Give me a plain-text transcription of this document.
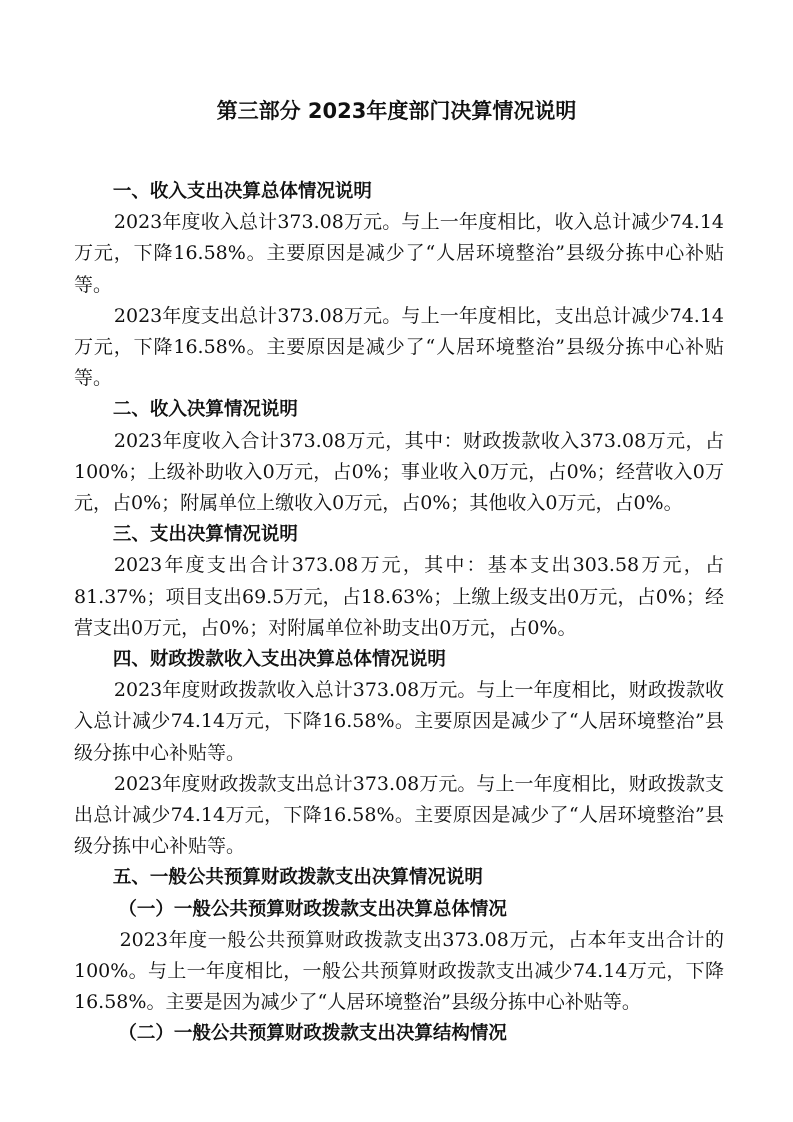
第三部分 2023年度部门决算情况说明
一、收入支出决算总体情况说明

2023年度收入总计373.08万元。与上一年度相比，收入总计减少74.14万元，下降16.58%。主要原因是减少了“人居环境整治”县级分拣中心补贴等。

2023年度支出总计373.08万元。与上一年度相比，支出总计减少74.14万元，下降16.58%。主要原因是减少了“人居环境整治”县级分拣中心补贴等。

二、收入决算情况说明

2023年度收入合计373.08万元，其中：财政拨款收入373.08万元，占100%；上级补助收入0万元，占0%；事业收入0万元，占0%；经营收入0万元，占0%；附属单位上缴收入0万元，占0%；其他收入0万元，占0%。

三、支出决算情况说明

2023年度支出合计373.08万元，其中：基本支出303.58万元，占81.37%；项目支出69.5万元，占18.63%；上缴上级支出0万元，占0%；经营支出0万元，占0%；对附属单位补助支出0万元，占0%。

四、财政拨款收入支出决算总体情况说明

2023年度财政拨款收入总计373.08万元。与上一年度相比，财政拨款收入总计减少74.14万元，下降16.58%。主要原因是减少了“人居环境整治”县级分拣中心补贴等。

2023年度财政拨款支出总计373.08万元。与上一年度相比，财政拨款支出总计减少74.14万元，下降16.58%。主要原因是减少了“人居环境整治”县级分拣中心补贴等。

五、一般公共预算财政拨款支出决算情况说明
（一）一般公共预算财政拨款支出决算总体情况

2023年度一般公共预算财政拨款支出373.08万元，占本年支出合计的100%。与上一年度相比，一般公共预算财政拨款支出减少74.14万元，下降16.58%。主要是因为减少了“人居环境整治”县级分拣中心补贴等。

（二）一般公共预算财政拨款支出决算结构情况
